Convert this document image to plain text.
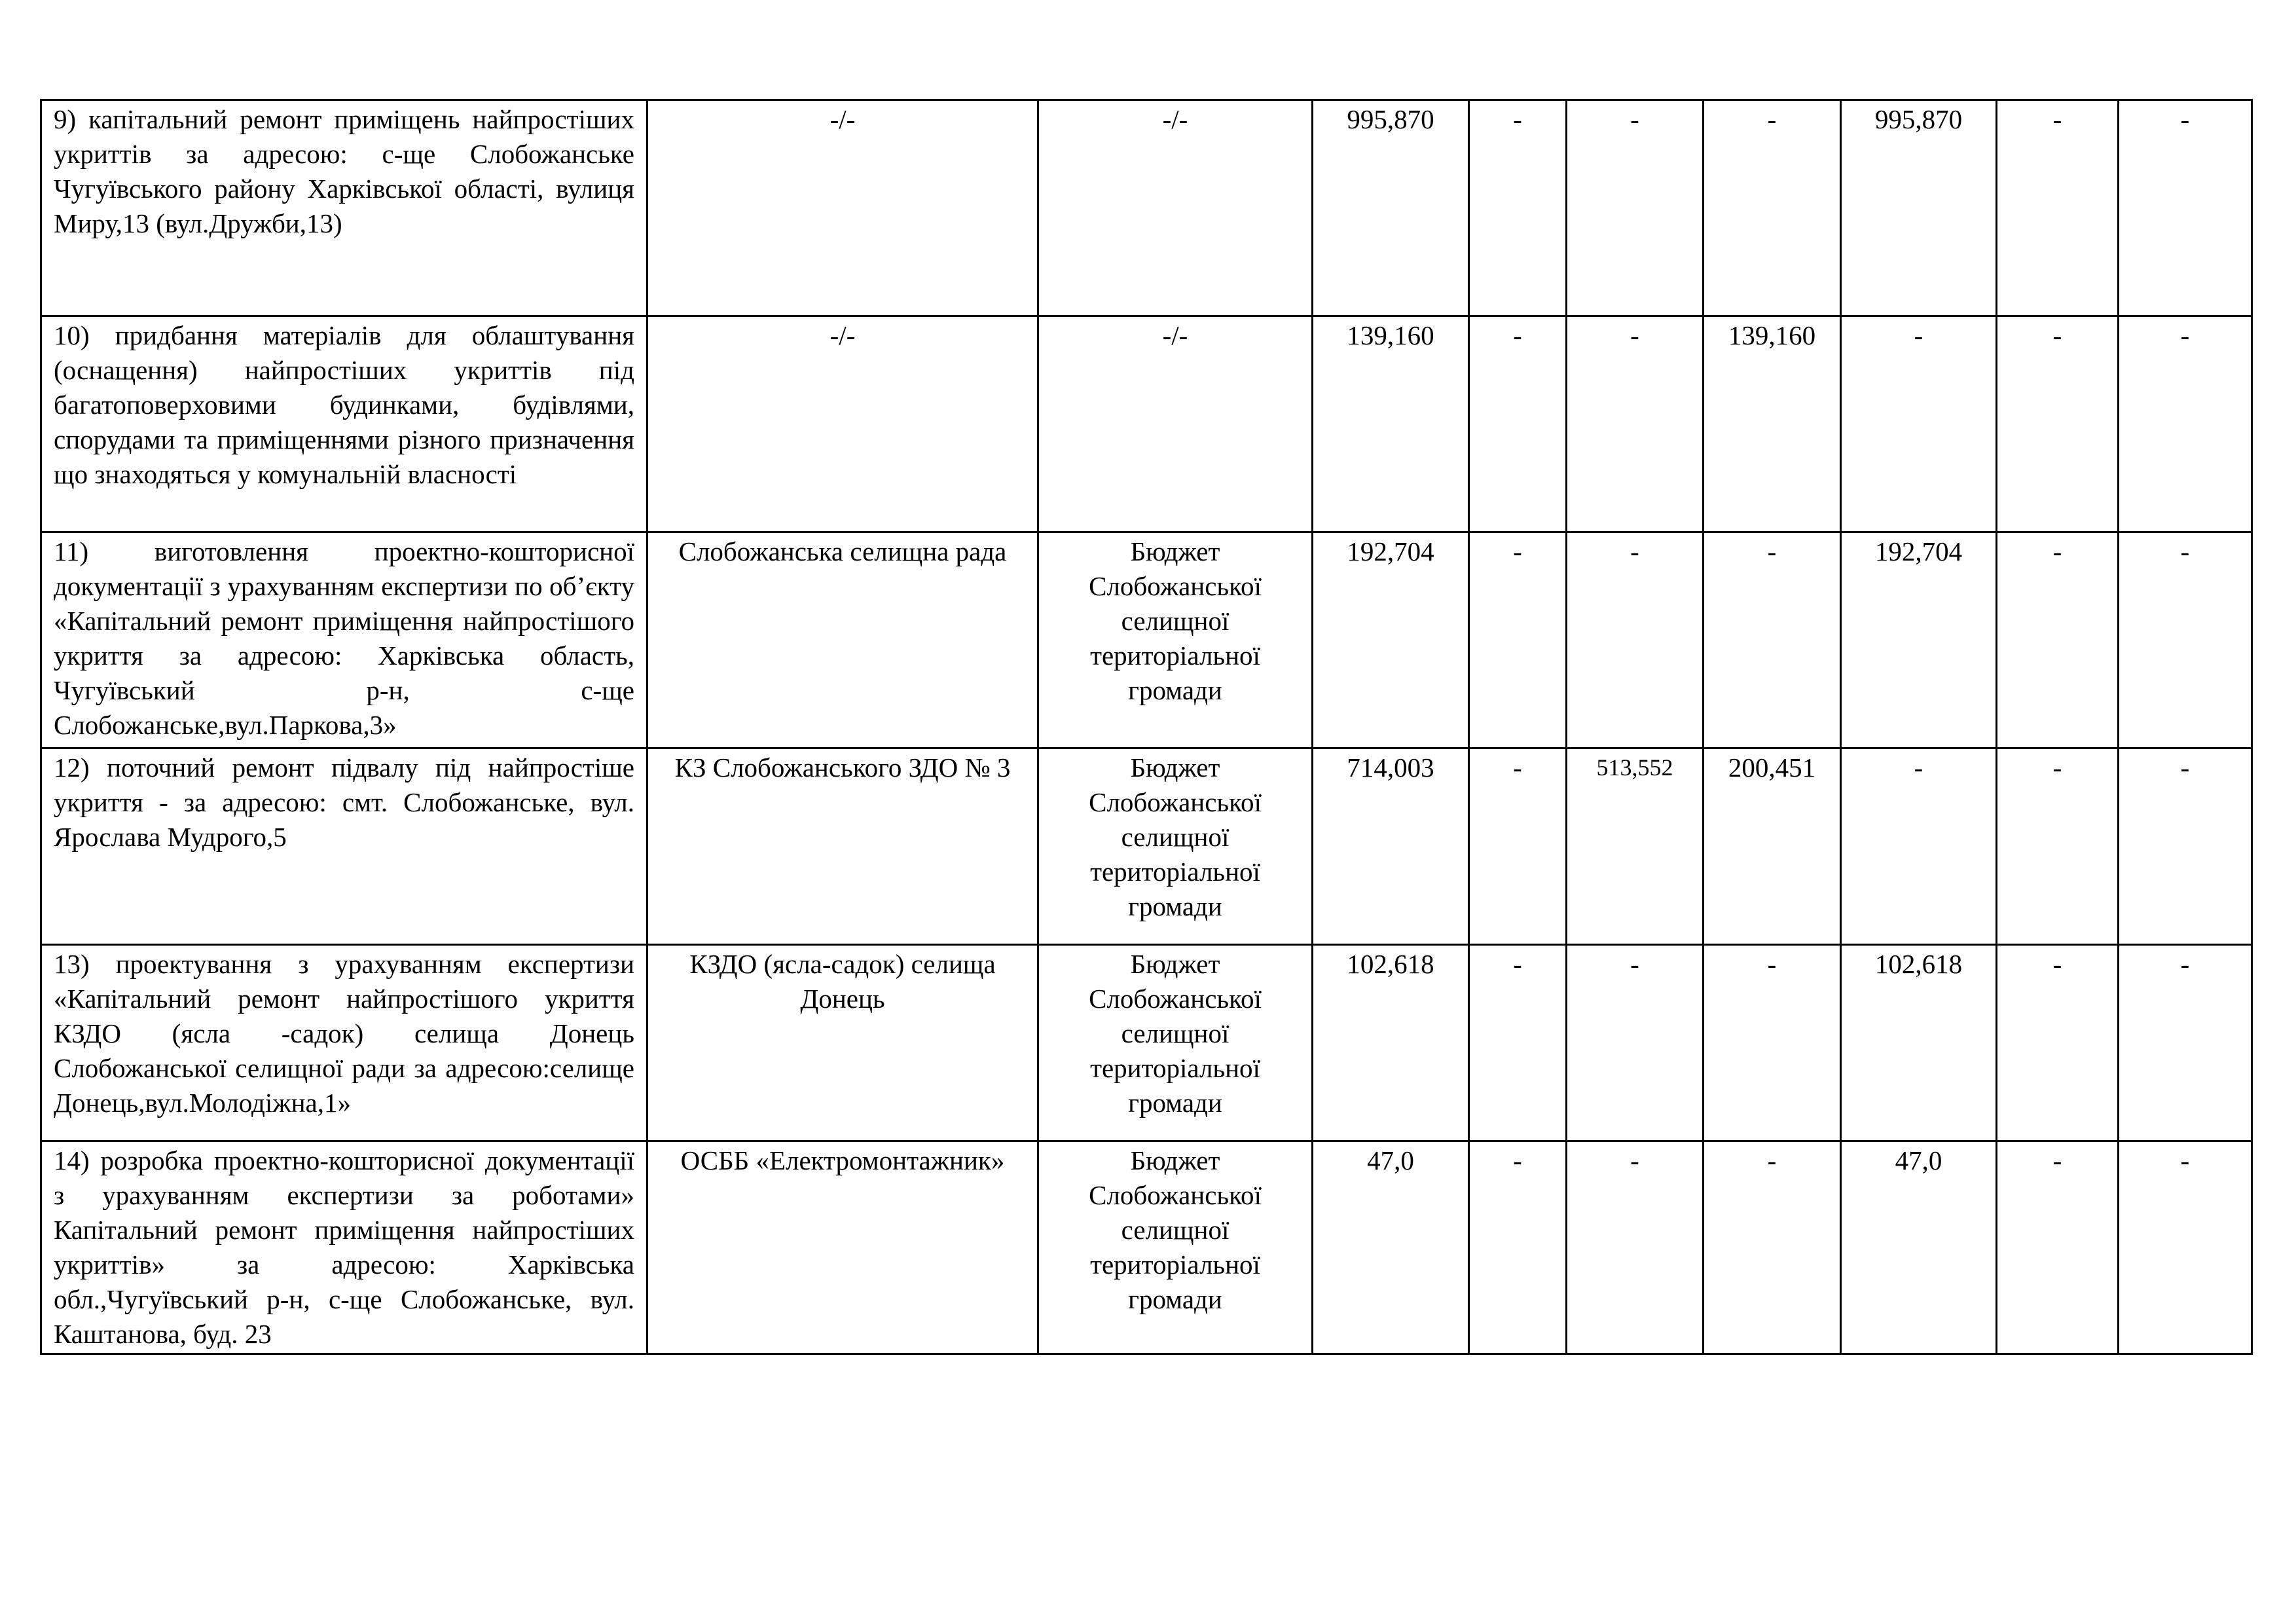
9) капітальний ремонт приміщень найпростіших укриттів за адресою: с-ще Слобожанське Чугуївського району Харківської області, вулиця Миру,13 (вул.Дружби,13)	-/-	-/-	995,870	-	-	-	995,870	-	-
10) придбання матеріалів для облаштування (оснащення) найпростіших укриттів під багатоповерховими будинками, будівлями, спорудами та приміщеннями різного призначення що знаходяться у комунальній власності	-/-	-/-	139,160	-	-	139,160	-	-	-
11) виготовлення проектно-кошторисної документації з урахуванням експертизи по об’єкту «Капітальний ремонт приміщення найпростішого укриття за адресою: Харківська область, Чугуївський р-н, с-ще Слобожанське,вул.Паркова,3»	Слобожанська селищна рада	Бюджет Слобожанської селищної територіальної громади	192,704	-	-	-	192,704	-	-
12) поточний ремонт підвалу під найпростіше укриття - за адресою: смт. Слобожанське, вул. Ярослава Мудрого,5	КЗ Слобожанського ЗДО № 3	Бюджет Слобожанської селищної територіальної громади	714,003	-	513,552	200,451	-	-	-
13) проектування з урахуванням експертизи «Капітальний ремонт найпростішого укриття КЗДО (ясла -садок) селища Донець Слобожанської селищної ради за адресою:селище Донець,вул.Молодіжна,1»	КЗДО (ясла-садок) селища Донець	Бюджет Слобожанської селищної територіальної громади	102,618	-	-	-	102,618	-	-
14) розробка проектно-кошторисної документації з урахуванням експертизи за роботами» Капітальний ремонт приміщення найпростіших укриттів» за адресою: Харківська обл.,Чугуївський р-н, с-ще Слобожанське, вул. Каштанова, буд. 23	ОСББ «Електромонтажник»	Бюджет Слобожанської селищної територіальної громади	47,0	-	-	-	47,0	-	-
